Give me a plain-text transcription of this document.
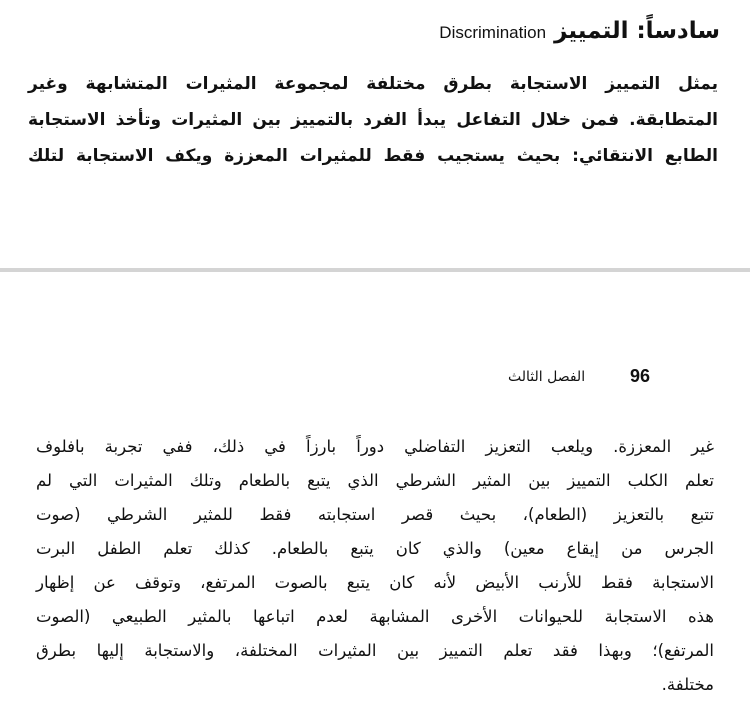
سادساً: التمييز Discrimination

يمثل التمييز الاستجابة بطرق مختلفة لمجموعة المثيرات المتشابهة وغير
المتطابقة. فمن خلال التفاعل يبدأ الفرد بالتمييز بين المثيرات وتأخذ الاستجابة
الطابع الانتقائي: بحيث يستجيب فقط للمثيرات المعززة ويكف الاستجابة لتلك

96
الفصل الثالث

غير المعززة. ويلعب التعزيز التفاضلي دوراً بارزاً في ذلك، ففي تجربة بافلوف
تعلم الكلب التمييز بين المثير الشرطي الذي يتبع بالطعام وتلك المثيرات التي لم
تتبع بالتعزيز (الطعام)، بحيث قصر استجابته فقط للمثير الشرطي (صوت
الجرس من إيقاع معين) والذي كان يتبع بالطعام. كذلك تعلم الطفل البرت
الاستجابة فقط للأرنب الأبيض لأنه كان يتبع بالصوت المرتفع، وتوقف عن إظهار
هذه الاستجابة للحيوانات الأخرى المشابهة لعدم اتباعها بالمثير الطبيعي (الصوت
المرتفع)؛ وبهذا فقد تعلم التمييز بين المثيرات المختلفة، والاستجابة إليها بطرق
مختلفة.
